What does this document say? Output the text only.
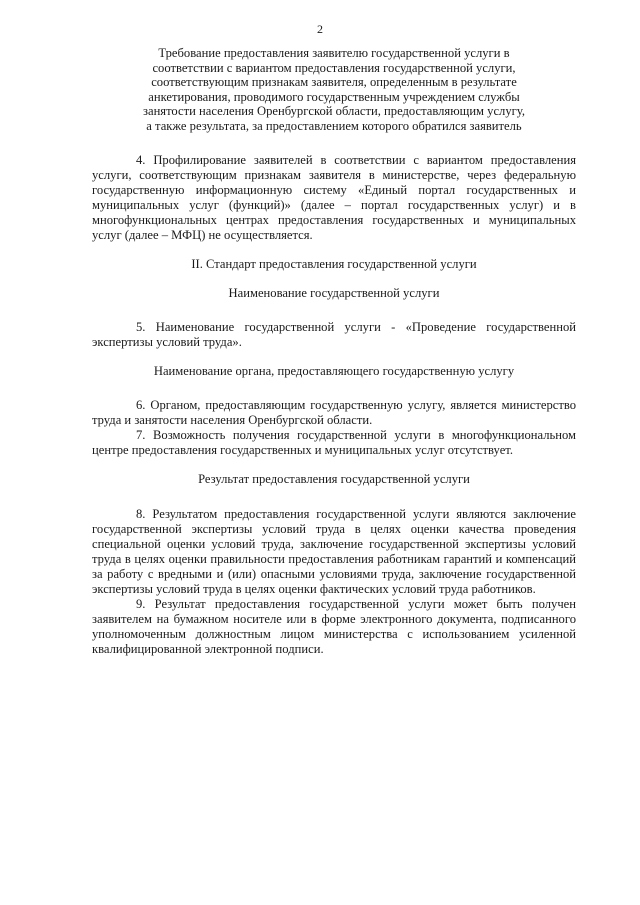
2
Требование предоставления заявителю государственной услуги в
соответствии с вариантом предоставления государственной услуги,
соответствующим признакам заявителя, определенным в результате
анкетирования, проводимого государственным учреждением службы
занятости населения Оренбургской области, предоставляющим услугу,
а также результата, за предоставлением которого обратился заявитель

4. Профилирование заявителей в соответствии с вариантом предоставления услуги, соответствующим признакам заявителя в министерстве, через федеральную государственную информационную систему «Единый портал государственных и муниципальных услуг (функций)» (далее – портал государственных услуг) и в многофункциональных центрах предоставления государственных и муниципальных услуг (далее – МФЦ) не осуществляется.

II. Стандарт предоставления государственной услуги

Наименование государственной услуги

5. Наименование государственной услуги - «Проведение государственной экспертизы условий труда».

Наименование органа, предоставляющего государственную услугу

6. Органом, предоставляющим государственную услугу, является министерство труда и занятости населения Оренбургской области.

7. Возможность получения государственной услуги в многофункциональном центре предоставления государственных и муниципальных услуг отсутствует.

Результат предоставления государственной услуги

8. Результатом предоставления государственной услуги являются заключение государственной экспертизы условий труда в целях оценки качества проведения специальной оценки условий труда, заключение государственной экспертизы условий труда в целях оценки правильности предоставления работникам гарантий и компенсаций за работу с вредными и (или) опасными условиями труда, заключение государственной экспертизы условий труда в целях оценки фактических условий труда работников.

9. Результат предоставления государственной услуги может быть получен заявителем на бумажном носителе или в форме электронного документа, подписанного уполномоченным должностным лицом министерства с использованием усиленной квалифицированной электронной подписи.
